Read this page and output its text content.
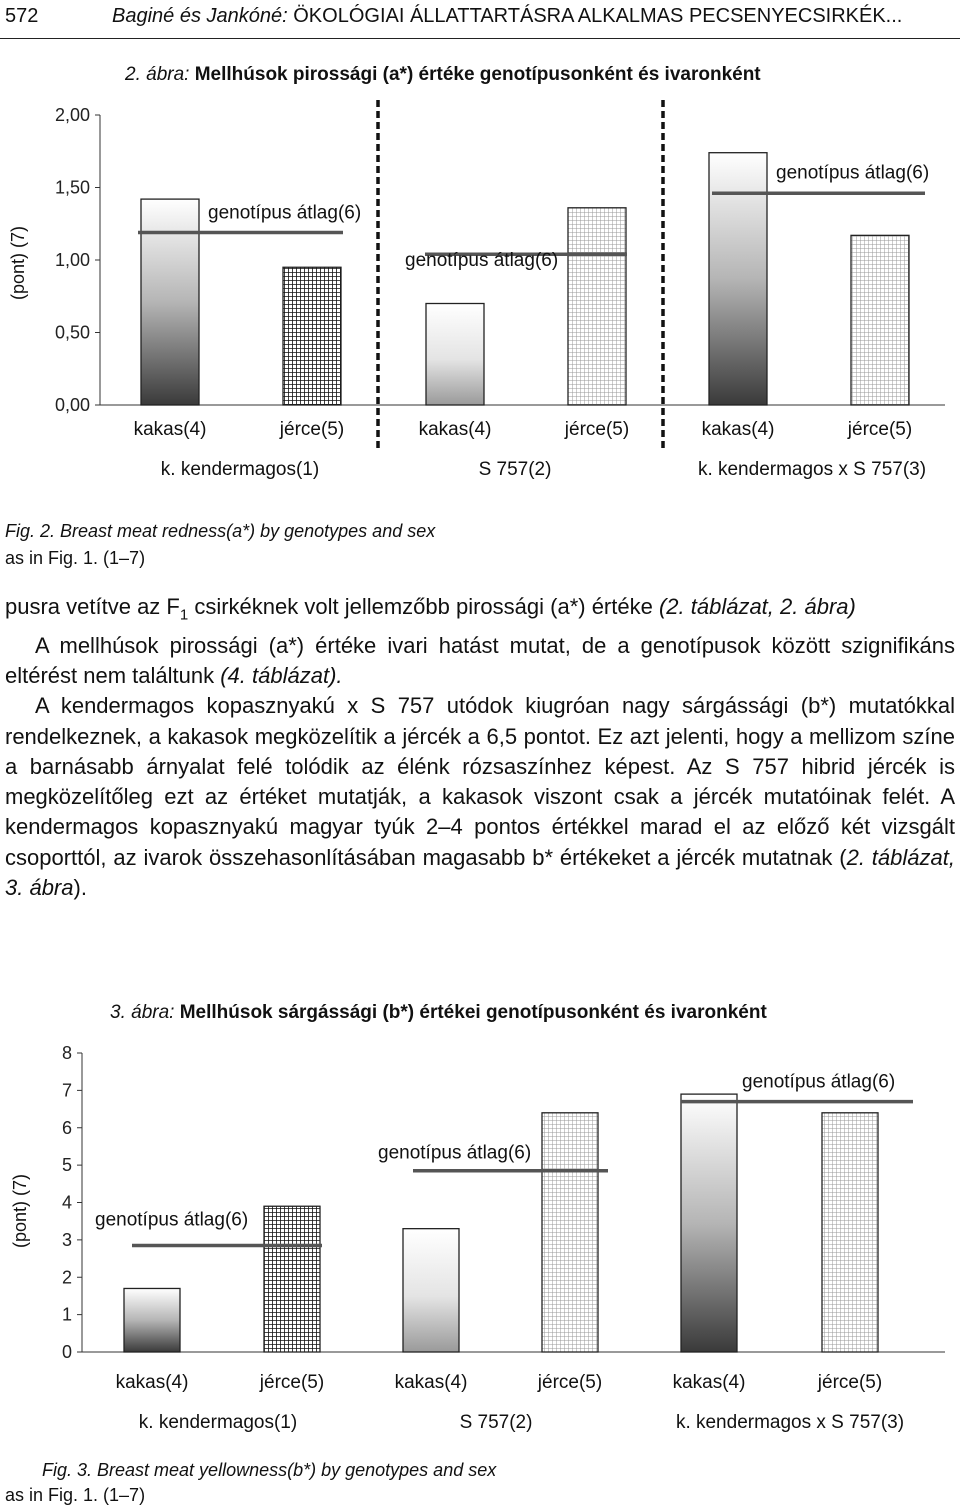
572	Baginé és Jankóné: ÖKOLÓGIAI ÁLLATTARTÁSRA ALKALMAS PECSENYECSIRKÉK...
2. ábra: Mellhúsok pirossági (a*) értéke genotípusonként és ivaronként
(pont) (7)
2,00
1,50
1,00
0,50
0,00
kakas(4)	jérce(5)
genotípus átlag(6)
k. kendermagos(1)
kakas(4)	jérce(5)
genotípus átlag(6)
S 757(2)
kakas(4)	jérce(5)
genotípus átlag(6)
k. kendermagos x S 757(3)
Fig. 2. Breast meat redness(a*) by genotypes and sex
as in Fig. 1. (1–7)

pusra vetítve az $F_1$ csirkéknek volt jellemzőbb pirossági (a*) értéke (2. táblázat, 2. ábra)

A mellhúsok pirossági (a*) értéke ivari hatást mutat, de a genotípusok között szignifikáns eltérést nem találtunk (4. táblázat).

A kendermagos kopasznyakú x S 757 utódok kiugróan nagy sárgássági (b*) mutatókkal rendelkeznek, a kakasok megközelítik a jércék a 6,5 pontot. Ez azt jelenti, hogy a mellizom színe a barnásabb árnyalat felé tolódik az élénk rózsaszínhez képest. Az S 757 hibrid jércék is megközelítőleg ezt az értéket mutatják, a kakasok viszont csak a jércék mutatóinak felét. A kendermagos kopasznyakú magyar tyúk 2–4 pontos értékkel marad el az előző két vizsgált csoporttól, az ivarok összehasonlításában magasabb b* értékeket a jércék mutatnak (2. táblázat, 3. ábra).

3. ábra: Mellhúsok sárgássági (b*) értékei genotípusonként és ivaronként
(pont) (7)
8
7
6
5
4
3
2
1
0
kakas(4)	jérce(5)
genotípus átlag(6)
k. kendermagos(1)
kakas(4)	jérce(5)
genotípus átlag(6)
S 757(2)
kakas(4)	jérce(5)
genotípus átlag(6)
k. kendermagos x S 757(3)
Fig. 3. Breast meat yellowness(b*) by genotypes and sex
as in Fig. 1. (1–7)
